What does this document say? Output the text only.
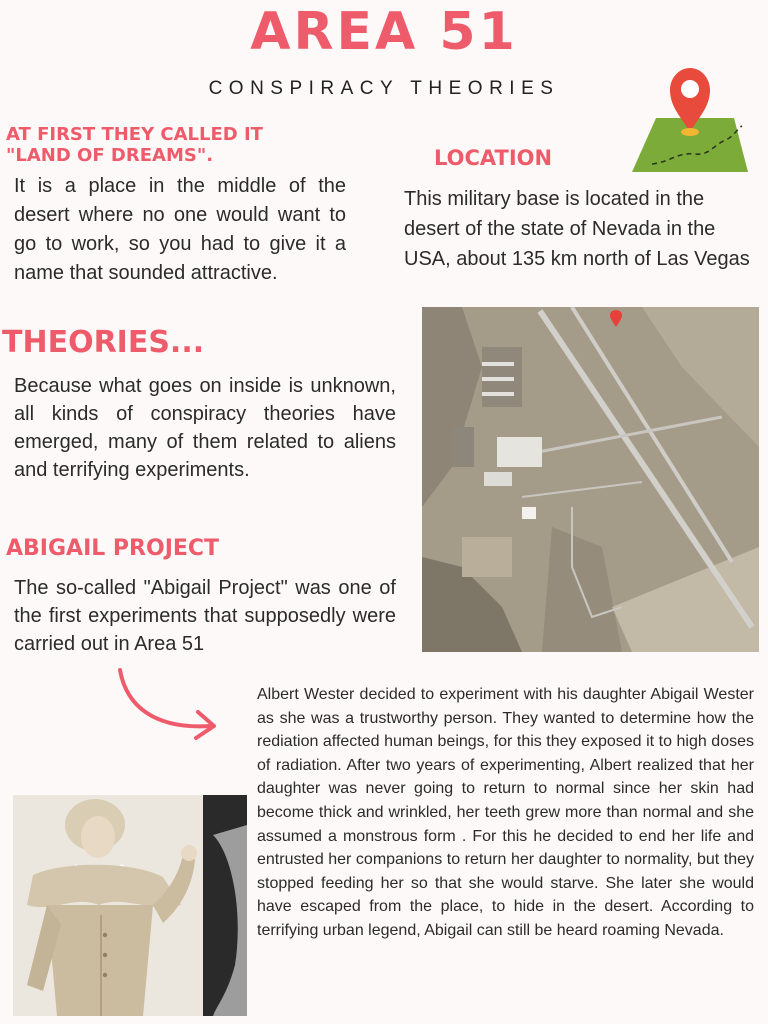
AREA 51
CONSPIRACY THEORIES
AT FIRST THEY CALLED IT
"LAND OF DREAMS".
It is a place in the middle of the desert where no one would want to go to work, so you had to give it a name that sounded attractive.
LOCATION
This military base is located in the desert of the state of Nevada in the USA, about 135 km north of Las Vegas
THEORIES...
Because what goes on inside is unknown, all kinds of conspiracy theories have emerged, many of them related to aliens and terrifying experiments.
ABIGAIL PROJECT
The so-called "Abigail Project" was one of the first experiments that supposedly were carried out in Area 51
Albert Wester decided to experiment with his daughter Abigail Wester as she was a trustworthy person. They wanted to determine how the rediation affected human beings, for this they exposed it to high doses of radiation. After two years of experimenting, Albert realized that her daughter was never going to return to normal since her skin had become thick and wrinkled, her teeth grew more than normal and she assumed a monstrous form . For this he decided to end her life and entrusted her companions to return her daughter to normality, but they stopped feeding her so that she would starve. She later she would have escaped from the place, to hide in the desert. According to terrifying urban legend, Abigail can still be heard roaming Nevada.
